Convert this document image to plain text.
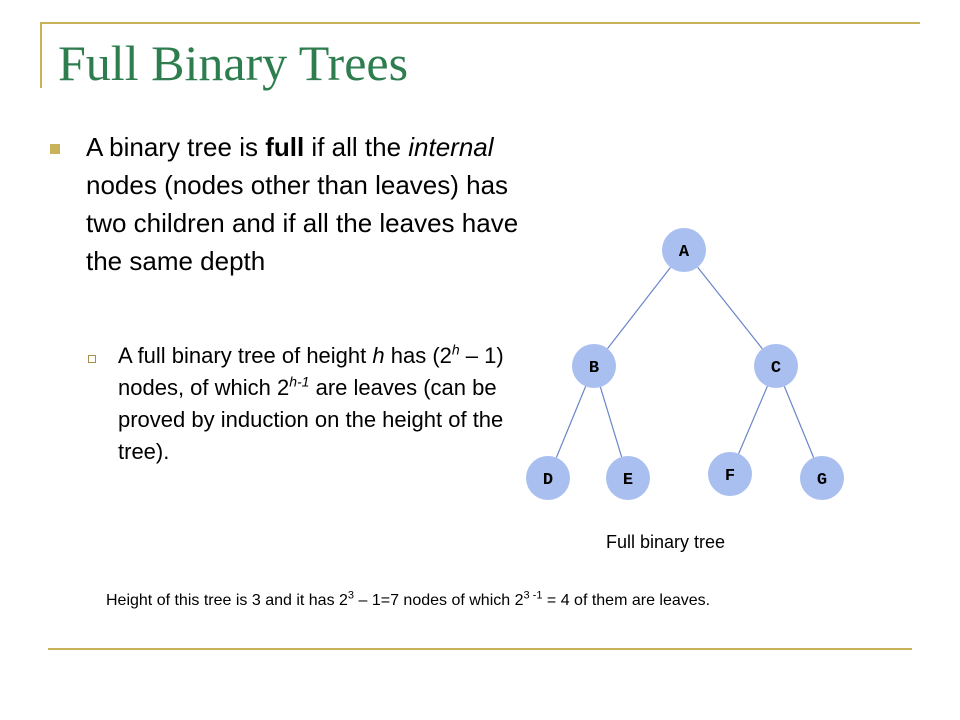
Full Binary Trees
A binary tree is full if all the internal nodes (nodes other than leaves) has two children and if all the leaves have the same depth
A full binary tree of height h has (2$^h$ – 1) nodes, of which 2$^{h-1}$ are leaves (can be proved by induction on the height of the tree).
A
B	C
D	E	F	G
Full binary tree
Height of this tree is 3 and it has $2^3 - 1=7$ nodes of which $2^{3 -1} = 4$ of them are leaves.
